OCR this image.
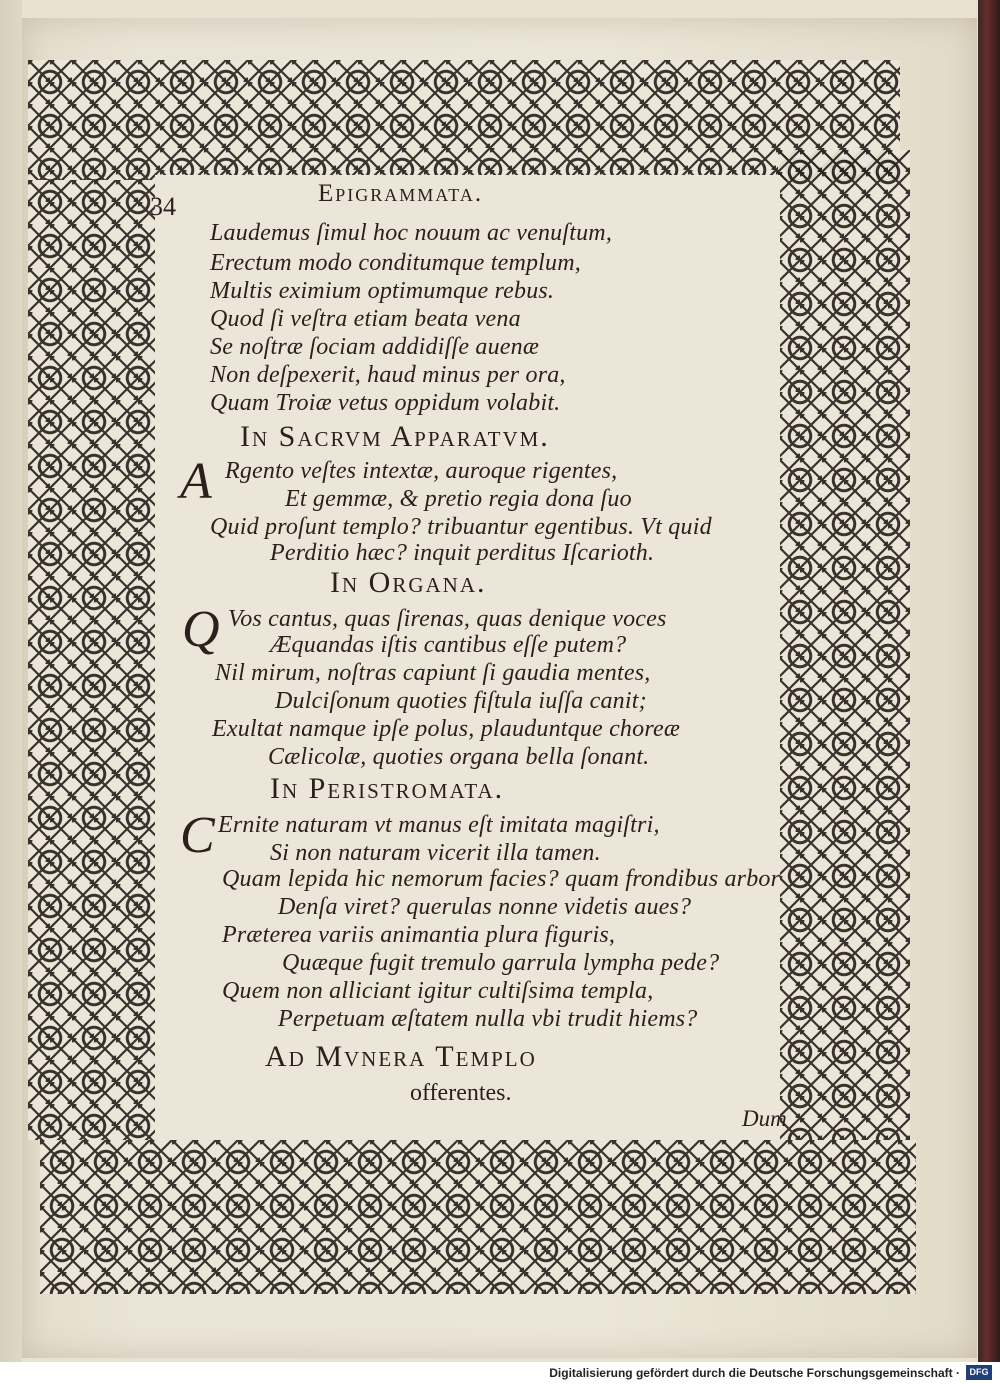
34	Epigrammata.
Laudemus ſimul hoc nouum ac venuſtum,
Erectum modo conditumque templum,
Multis eximium optimumque rebus.
Quod ſi veſtra etiam beata vena
Se noſtræ ſociam addidiſſe auenæ
Non deſpexerit, haud minus per ora,
Quam Troiæ vetus oppidum volabit.
In Sacrvm Apparatvm.
A Rgento veſtes intextæ, auroque rigentes,
Et gemmæ, & pretio regia dona ſuo
Quid proſunt templo? tribuantur egentibus. Vt quid
Perditio hæc? inquit perditus Iſcarioth.
In Organa.
Q Vos cantus, quas ſirenas, quas denique voces
Æquandas iſtis cantibus eſſe putem?
Nil mirum, noſtras capiunt ſi gaudia mentes,
Dulciſonum quoties fiſtula iuſſa canit;
Exultat namque ipſe polus, plauduntque choreæ
Cælicolæ, quoties organa bella ſonant.
In Peristromata.
C Ernite naturam vt manus eſt imitata magiſtri,
Si non naturam vicerit illa tamen.
Quam lepida hic nemorum facies? quam frondibus arbor
Denſa viret? querulas nonne videtis aues?
Præterea variis animantia plura figuris,
Quæque fugit tremulo garrula lympha pede?
Quem non alliciant igitur cultiſsima templa,
Perpetuam æſtatem nulla vbi trudit hiems?
Ad Mvnera Templo
offerentes.
Dum
Digitalisierung gefördert durch die Deutsche Forschungsgemeinschaft ·	DFG
